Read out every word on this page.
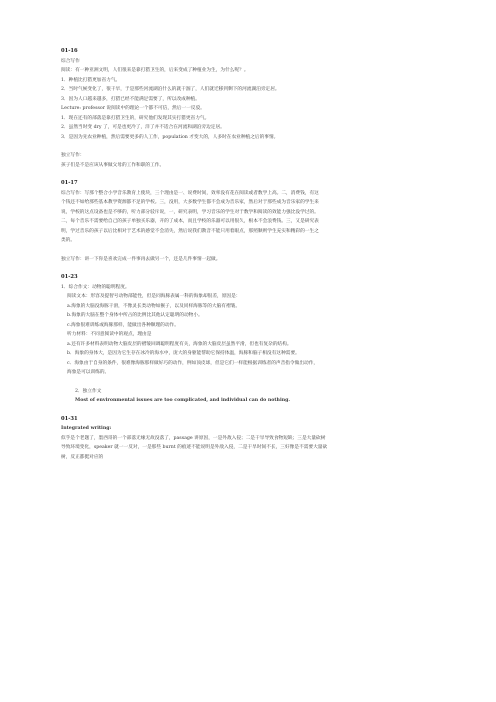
01-16
综合写作
阅读：有一种亚洲文明，人们很来是靠打猎卫生的，后来变成了种植业为生，为什么呢？。
1．种植比打猎更加省力气。
2．当时气候变化了，很干旱，于是那些河流湖泊什么的就干涸了，人们就迁移到剩下的河流湖泊旁定居。
3．因为人口越来越多，打猎已经不能满足需要了，所以改成种植。
Lecture: professor 说阅读中的理论一个都不可信，然后一一反驳。
1．现在还有的部落是靠打猎卫生的，研究他们发现其实打猎更省力气。
2．虽然当时变 dry 了，可是也更冷了，洋了并不适合在河流和湖泊旁边定居。
3．是因为先农业种植，然后需要更多的人工作，population 才变大的，人多时在农业种植之后的事情。
独立写作：
孩子们是不是应该从事做父母的工作和职的工作。
01-17
综合写作：写那个整合小学音乐教育上使块，三个理由是一、说费时间，效率没有花在阅读或者数学上高。二，消费钱，有这
个钱还不如给那些基本教学资源都不足的学校。三，没用，大多数学生都不会成为音乐家，然后对于那些成为音乐家的学生来
说，学校的这点设备也是不够的，听力部分驳斥说，一，研究表明，学习音乐的学生对于数学和阅读的效能力强比没学过的。
二，每个音乐不需要给自己的孩子单独买乐器，开的了成本，而且学校的乐器可以用很久，根本不会浪费钱。三，又是研究表
明，学过音乐的孩子以后比相对于艺术的感觉不会消失，然后说我们教音不能只用着眼点，那照顺则学生充实和精彩的一生之
类的。
独立写作：讲一下你是喜欢完成一件事再去做另一个，还是几件事情一起做。
01-23
1．综合作文：动物的聪明程度。
阅读文本：形容及提智号动物部能性，但是同海豚表属一科的海象却很差，原因是：
a.海象的大脑没海豚干滑，不像灵长类动物如猴子，以及同样海豚等的大脑有褶皱。
b.海象的大脑在整个身体中所占的比例比其他认定聪明的动物小。
c.海象很难训练或海豚那样，能做出各种顺理的动作。
听力材料：不同意阅读中的观点，理由是
a.还有许多材料表明动物大脑皮层的褶皱回调聪明程度有关，海象的大脑皮层虽然平滑，但也有复杂的结构。
b．海象的身体大，是因为它生存在冰冷的海水中，庞大的身躯能帮助它保持体温，海豚和脑子相没有这种需要。
c．海象由于自身的条件，很难像海豚那样做好巧的动作，例如顶皮球，但是它们一样能根据训练者的声音指令做出动作，
海象是可以训练的。
2．独立作文
Most of environmental issues are too complicated, and individual can do nothing.
01-31
Integrated writing:
似乎是个老题了，墨西哥的一个部落无缘无故没落了，passage 讲原因，一是外敌入侵；二是干旱导致食物短缺；三是大量砍树
导致环境变化，speaker 就一一反对，一是那些 burnt 的痕迹不能说明是外敌入侵，二是干旱时间不长，三好像是不需要大量砍
树，反正都挺对应的
